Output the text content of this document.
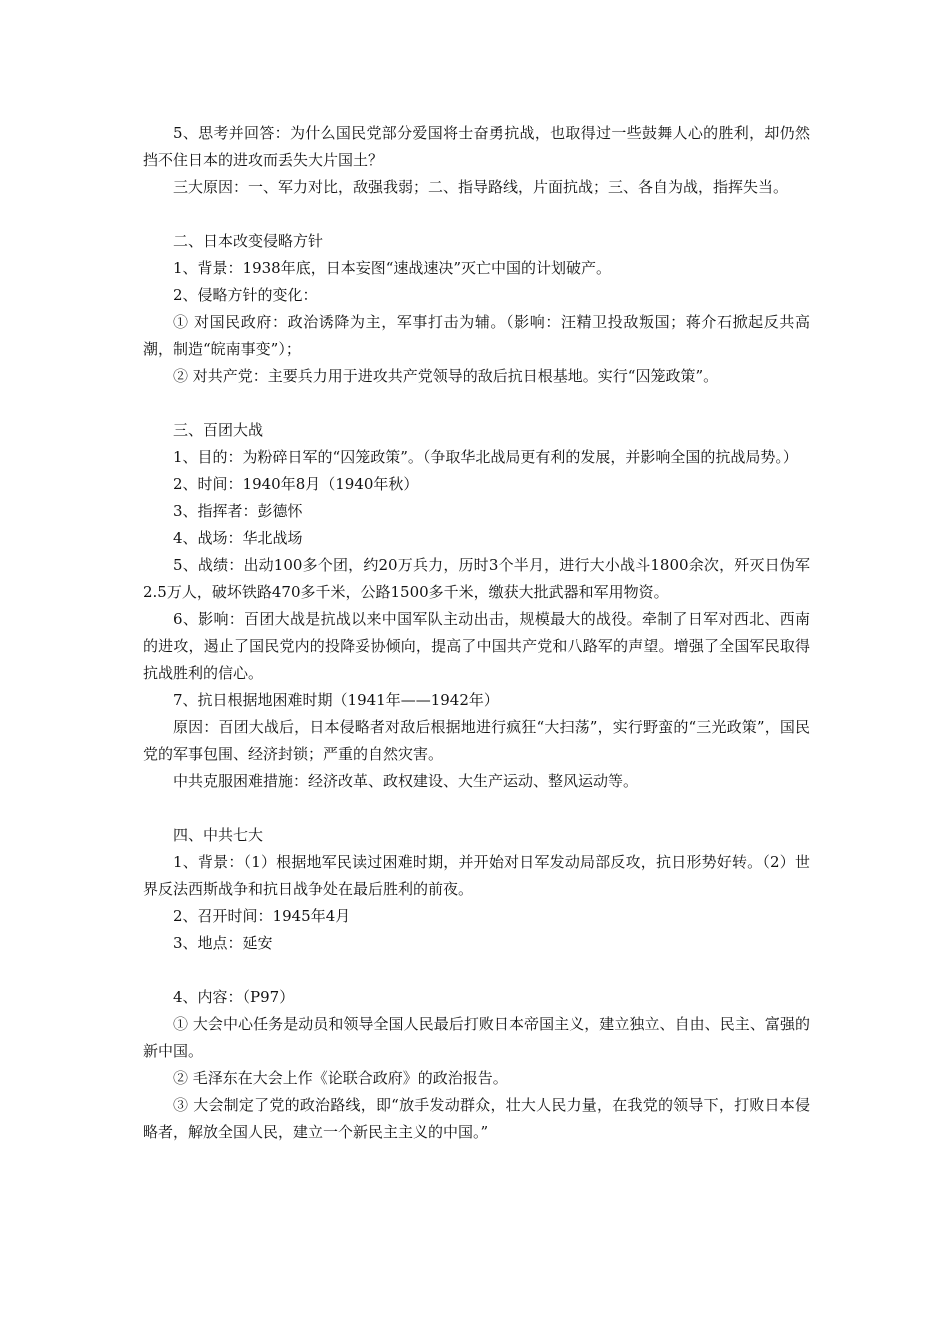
5、思考并回答：为什么国民党部分爱国将士奋勇抗战，也取得过一些鼓舞人心的胜利，却仍然挡不住日本的进攻而丢失大片国土？

三大原因：一、军力对比，敌强我弱；二、指导路线，片面抗战；三、各自为战，指挥失当。

二、日本改变侵略方针

1、背景：1938年底，日本妄图“速战速决”灭亡中国的计划破产。

2、侵略方针的变化：

① 对国民政府：政治诱降为主，军事打击为辅。（影响：汪精卫投敌叛国；蒋介石掀起反共高潮，制造“皖南事变”）；

② 对共产党：主要兵力用于进攻共产党领导的敌后抗日根基地。实行“囚笼政策”。

三、百团大战

1、目的：为粉碎日军的“囚笼政策”。（争取华北战局更有利的发展，并影响全国的抗战局势。）

2、时间：1940年8月（1940年秋）

3、指挥者：彭德怀

4、战场：华北战场

5、战绩：出动100多个团，约20万兵力，历时3个半月，进行大小战斗1800余次，歼灭日伪军2.5万人，破坏铁路470多千米，公路1500多千米，缴获大批武器和军用物资。

6、影响：百团大战是抗战以来中国军队主动出击，规模最大的战役。牵制了日军对西北、西南的进攻，遏止了国民党内的投降妥协倾向，提高了中国共产党和八路军的声望。增强了全国军民取得抗战胜利的信心。

7、抗日根据地困难时期（1941年——1942年）

原因：百团大战后，日本侵略者对敌后根据地进行疯狂“大扫荡”，实行野蛮的“三光政策”，国民党的军事包围、经济封锁；严重的自然灾害。

中共克服困难措施：经济改革、政权建设、大生产运动、整风运动等。

四、中共七大

1、背景：（1）根据地军民读过困难时期，并开始对日军发动局部反攻，抗日形势好转。（2）世界反法西斯战争和抗日战争处在最后胜利的前夜。

2、召开时间：1945年4月

3、地点：延安

4、内容：（P97）

① 大会中心任务是动员和领导全国人民最后打败日本帝国主义，建立独立、自由、民主、富强的新中国。

② 毛泽东在大会上作《论联合政府》的政治报告。

③ 大会制定了党的政治路线，即“放手发动群众，壮大人民力量，在我党的领导下，打败日本侵略者，解放全国人民，建立一个新民主主义的中国。”
